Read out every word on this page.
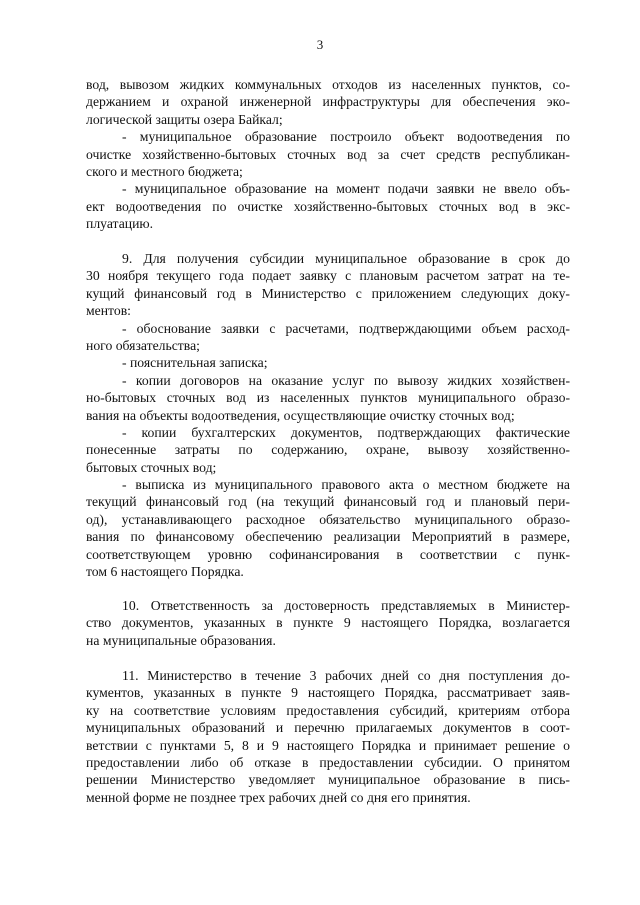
3
вод, вывозом жидких коммунальных отходов из населенных пунктов, со-
держанием и охраной инженерной инфраструктуры для обеспечения эко-
логической защиты озера Байкал;
- муниципальное образование построило объект водоотведения по
очистке хозяйственно-бытовых сточных вод за счет средств республикан-
ского и местного бюджета;
- муниципальное образование на момент подачи заявки не ввело объ-
ект водоотведения по очистке хозяйственно-бытовых сточных вод в экс-
плуатацию.
9. Для получения субсидии муниципальное образование в срок до
30 ноября текущего года подает заявку с плановым расчетом затрат на те-
кущий финансовый год в Министерство с приложением следующих доку-
ментов:
- обоснование заявки с расчетами, подтверждающими объем расход-
ного обязательства;
- пояснительная записка;
- копии договоров на оказание услуг по вывозу жидких хозяйствен-
но-бытовых сточных вод из населенных пунктов муниципального образо-
вания на объекты водоотведения, осуществляющие очистку сточных вод;
- копии бухгалтерских документов, подтверждающих фактические
понесенные затраты по содержанию, охране, вывозу хозяйственно-
бытовых сточных вод;
- выписка из муниципального правового акта о местном бюджете на
текущий финансовый год (на текущий финансовый год и плановый пери-
од), устанавливающего расходное обязательство муниципального образо-
вания по финансовому обеспечению реализации Мероприятий в размере,
соответствующем уровню софинансирования в соответствии с пунк-
том 6 настоящего Порядка.
10. Ответственность за достоверность представляемых в Министер-
ство документов, указанных в пункте 9 настоящего Порядка, возлагается
на муниципальные образования.
11. Министерство в течение 3 рабочих дней со дня поступления до-
кументов, указанных в пункте 9 настоящего Порядка, рассматривает заяв-
ку на соответствие условиям предоставления субсидий, критериям отбора
муниципальных образований и перечню прилагаемых документов в соот-
ветствии с пунктами 5, 8 и 9 настоящего Порядка и принимает решение о
предоставлении либо об отказе в предоставлении субсидии. О принятом
решении Министерство уведомляет муниципальное образование в пись-
менной форме не позднее трех рабочих дней со дня его принятия.
